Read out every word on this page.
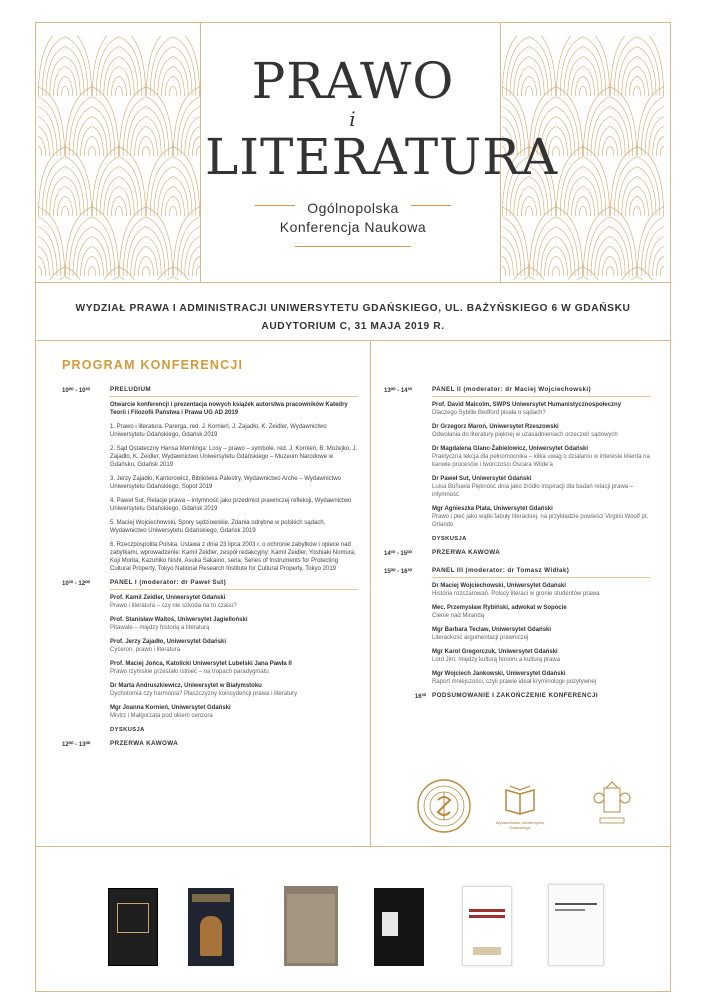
PRAWO
i
LITERATURA
Ogólnopolska
Konferencja Naukowa
WYDZIAŁ PRAWA I ADMINISTRACJI UNIWERSYTETU GDAŃSKIEGO, UL. BAŻYŃSKIEGO 6 W GDAŃSKU
AUDYTORIUM C, 31 MAJA 2019 R.
PROGRAM KONFERENCJI
10⁰⁰ - 10³⁰	PRELUDIUM
Otwarcie konferencji i prezentacja nowych książek autorstwa pracowników Katedry Teorii i Filozofii Państwa i Prawa UG AD 2019
1. Prawo i literatura. Parerga, red. J. Kornień, J. Zajadło, K. Zeidler, Wydawnictwo Uniwersytetu Gdańskiego, Gdańsk 2019
2. Sąd Ostateczny Hansa Memlinga: Losy – prawo – symbole, red. J. Kornień, B. Możejko, J. Zajadło, K. Zeidler, Wydawnictwo Uniwersytetu Gdańskiego – Muzeum Narodowe w Gdańsku, Gdańsk 2019
3. Jerzy Zajadło, Kantorowicz, Biblioteka Palestry, Wydawnictwo Arche – Wydawnictwo Uniwersytetu Gdańskiego, Sopot 2019
4. Paweł Sut, Relacje prawa – intymność jako przedmiot prawniczej refleksji, Wydawnictwo Uniwersytetu Gdańskiego, Gdańsk 2019
5. Maciej Wojciechowski, Spory sędziowskie. Zdania odrębne w polskich sądach, Wydawnictwo Uniwersytetu Gdańskiego, Gdańsk 2019
6. Rzeczpospolita Polska. Ustawa z dnia 23 lipca 2003 r. o ochronie zabytków i opiece nad zabytkami, wprowadzenie: Kamil Zeidler, zespół redakcyjny: Kamil Zeidler, Yoshiaki Nomura, Koji Morita, Kazuhiko Nishi, Asuka Sakaino, seria: Series of Instruments for Protecting Cultural Property, Tokyo National Research Institute for Cultural Property, Tokyo 2019
10³⁰ - 12⁰⁰	PANEL I (moderator: dr Paweł Sut)
Prof. Kamil Zeidler, Uniwersytet Gdański
Prawo i literatura – czy nie szkoda na to czasu?
Prof. Stanisław Waltoś, Uniwersytet Jagielloński
Pitawale – między historią a literaturą
Prof. Jerzy Zajadło, Uniwersytet Gdański
Cyceron, prawo i literatura
Prof. Maciej Jońca, Katolicki Uniwersytet Lubelski Jana Pawła II
Prawo rzymskie przestało istnieć – na tropach paradygmatu
Dr Marta Andruszkiewicz, Uniwersytet w Białymstoku
Dychotomia czy harmonia? Płaszczyzny koincydencji prawa i literatury
Mgr Joanna Kornień, Uniwersytet Gdański
Mistrz i Małgorzata pod okiem cenzora
DYSKUSJA
12⁰⁰ - 13⁰⁰	PRZERWA KAWOWA
13⁰⁰ - 14³⁰	PANEL II (moderator: dr Maciej Wojciechowski)
Prof. David Malcolm, SWPS Uniwersytet Humanistycznospołeczny
Dlaczego Sybille Bedford pisała o sądach?
Dr Grzegorz Maroń, Uniwersytet Rzeszowski
Odwołania do literatury pięknej w uzasadnieniach orzeczeń sądowych
Dr Magdalena Glanc-Żabielowicz, Uniwersytet Gdański
Praktyczna lekcja dla pełnomocnika – kilka uwag o działaniu w interesie klienta na kanwie procesów i twórczości Oscara Wilde'a
Dr Paweł Sut, Uniwersytet Gdański
Luisa Buñuela Piękność dnia jako źródło inspiracji dla badań relacji prawa – intymność
Mgr Agnieszka Plata, Uniwersytet Gdański
Prawo i płeć jako wątki fabuły literackiej, na przykładzie powieści Virginii Woolf pt. Orlando
DYSKUSJA
14³⁰ - 15⁰⁰	PRZERWA KAWOWA
15⁰⁰ - 16³⁰	PANEL III (moderator: dr Tomasz Widłak)
Dr Maciej Wojciechowski, Uniwersytet Gdański
Historia rozczarowań. Polscy literaci w gronie studentów prawa
Mec. Przemysław Rybiński, adwokat w Sopocie
Cienie nad Mirandą
Mgr Barbara Teclaw, Uniwersytet Gdański
Literackość argumentacji prawniczej
Mgr Karol Gregorczuk, Uniwersytet Gdański
Lord Jim: między kulturą honoru a kulturą prawa
Mgr Wojciech Jankowski, Uniwersytet Gdański
Raport mniejszości, czyli prawie ideał kryminologii pozytywnej
16³⁰ PODSUMOWANIE I ZAKOŃCZENIE KONFERENCJI
Wydawnictwo Uniwersytetu Gdańskiego
